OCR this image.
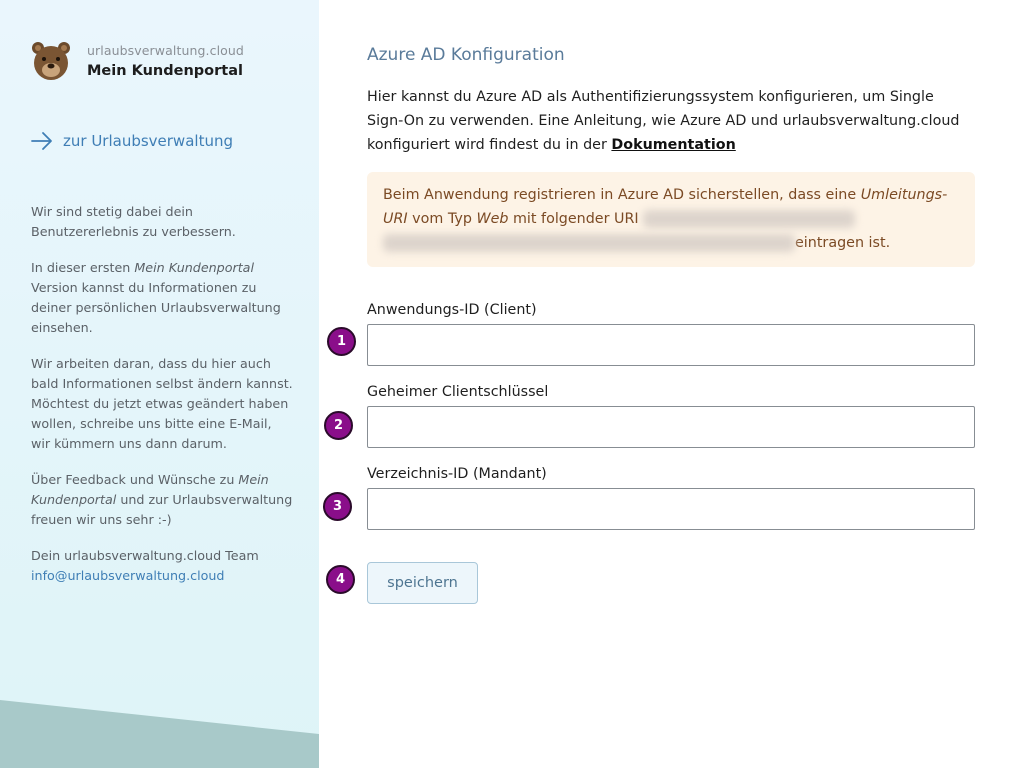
urlaubsverwaltung.cloud
Mein Kundenportal
zur Urlaubsverwaltung

Wir sind stetig dabei dein Benutzererlebnis zu verbessern.

In dieser ersten Mein Kundenportal Version kannst du Informationen zu deiner persönlichen Urlaubsverwaltung einsehen.

Wir arbeiten daran, dass du hier auch bald Informationen selbst ändern kannst. Möchtest du jetzt etwas geändert haben wollen, schreibe uns bitte eine E-Mail, wir kümmern uns dann darum.

Über Feedback und Wünsche zu Mein Kundenportal und zur Urlaubsverwaltung freuen wir uns sehr :-)

Dein urlaubsverwaltung.cloud Team
info@urlaubsverwaltung.cloud

Azure AD Konfiguration

Hier kannst du Azure AD als Authentifizierungssystem konfigurieren, um Single Sign-On zu verwenden. Eine Anleitung, wie Azure AD und urlaubsverwaltung.cloud konfiguriert wird findest du in der Dokumentation

Beim Anwendung registrieren in Azure AD sicherstellen, dass eine Umleitungs-URI vom Typ Web mit folgender URI
eintragen ist.
Anwendungs-ID (Client)
Geheimer Clientschlüssel
Verzeichnis-ID (Mandant)
speichern
1
2
3
4
